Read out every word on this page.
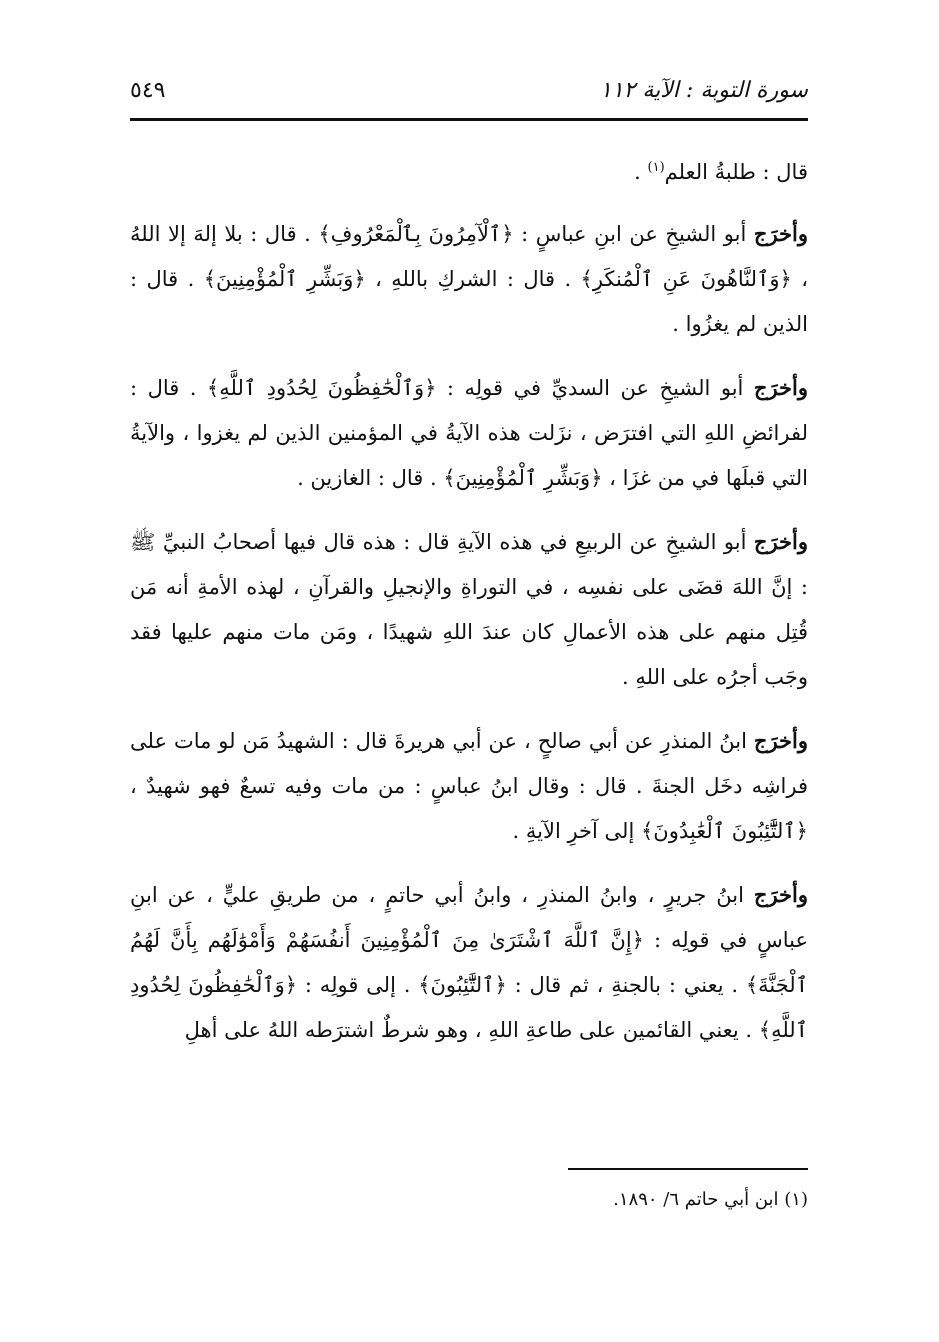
٥٤٩	سورة التوبة : الآية ١١٢

قال : طلبةُ العلم$^{(١)}$ .

وأخرَج أبو الشيخِ عن ابنِ عباسٍ : ﴿ٱلْآمِرُونَ بِٱلْمَعْرُوفِ﴾ . قال : بلا إلهَ إلا اللهُ ، ﴿وَٱلنَّاهُونَ عَنِ ٱلْمُنكَرِ﴾ . قال : الشركِ باللهِ ، ﴿وَبَشِّرِ ٱلْمُؤْمِنِينَ﴾ . قال : الذين لم يغزُوا .

وأخرَج أبو الشيخِ عن السديِّ في قولِه : ﴿وَٱلْحَٰفِظُونَ لِحُدُودِ ٱللَّهِ﴾ . قال : لفرائضِ اللهِ التي افترَض ، نزَلت هذه الآيةُ في المؤمنين الذين لم يغزوا ، والآيةُ التي قبلَها في من غزَا ، ﴿وَبَشِّرِ ٱلْمُؤْمِنِينَ﴾ . قال : الغازين .

وأخرَج أبو الشيخِ عن الربيعِ في هذه الآيةِ قال : هذه قال فيها أصحابُ النبيِّ ﷺ : إنَّ اللهَ قضَى على نفسِه ، في التوراةِ والإنجيلِ والقرآنِ ، لهذه الأمةِ أنه مَن قُتِل منهم على هذه الأعمالِ كان عندَ اللهِ شهيدًا ، ومَن مات منهم عليها فقد وجَب أجرُه على اللهِ .

وأخرَج ابنُ المنذرِ عن أبي صالحٍ ، عن أبي هريرةَ قال : الشهيدُ مَن لو مات على فراشِه دخَل الجنةَ . قال : وقال ابنُ عباسٍ : من مات وفيه تسعٌ فهو شهيدٌ ، ﴿ٱلتَّٰٓئِبُونَ ٱلْعَٰبِدُونَ﴾ إلى آخرِ الآيةِ .

وأخرَج ابنُ جريرٍ ، وابنُ المنذرِ ، وابنُ أبي حاتمٍ ، من طريقِ عليٍّ ، عن ابنِ عباسٍ في قولِه : ﴿إِنَّ ٱللَّهَ ٱشْتَرَىٰ مِنَ ٱلْمُؤْمِنِينَ أَنفُسَهُمْ وَأَمْوَٰلَهُم بِأَنَّ لَهُمُ ٱلْجَنَّةَ﴾ . يعني : بالجنةِ ، ثم قال : ﴿ٱلتَّٰٓئِبُونَ﴾ . إلى قولِه : ﴿وَٱلْحَٰفِظُونَ لِحُدُودِ ٱللَّهِ﴾ . يعني القائمين على طاعةِ اللهِ ، وهو شرطٌ اشترَطه اللهُ على أهلِ

(١) ابن أبي حاتم ٦/ ١٨٩٠.
